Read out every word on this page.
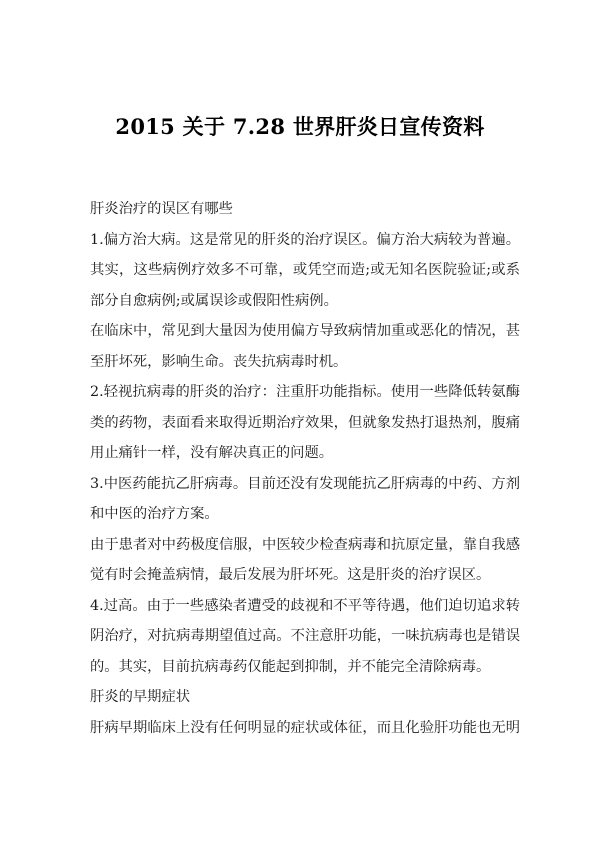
2015 关于 7.28 世界肝炎日宣传资料
肝炎治疗的误区有哪些
1.偏方治大病。这是常见的肝炎的治疗误区。偏方治大病较为普遍。
其实，这些病例疗效多不可靠，或凭空而造;或无知名医院验证;或系
部分自愈病例;或属误诊或假阳性病例。
在临床中，常见到大量因为使用偏方导致病情加重或恶化的情况，甚
至肝坏死，影响生命。丧失抗病毒时机。
2.轻视抗病毒的肝炎的治疗：注重肝功能指标。使用一些降低转氨酶
类的药物，表面看来取得近期治疗效果，但就象发热打退热剂，腹痛
用止痛针一样，没有解决真正的问题。
3.中医药能抗乙肝病毒。目前还没有发现能抗乙肝病毒的中药、方剂
和中医的治疗方案。
由于患者对中药极度信服，中医较少检查病毒和抗原定量，靠自我感
觉有时会掩盖病情，最后发展为肝坏死。这是肝炎的治疗误区。
4.过高。由于一些感染者遭受的歧视和不平等待遇，他们迫切追求转
阴治疗，对抗病毒期望值过高。不注意肝功能，一味抗病毒也是错误
的。其实，目前抗病毒药仅能起到抑制，并不能完全清除病毒。
肝炎的早期症状
肝病早期临床上没有任何明显的症状或体征，而且化验肝功能也无明
